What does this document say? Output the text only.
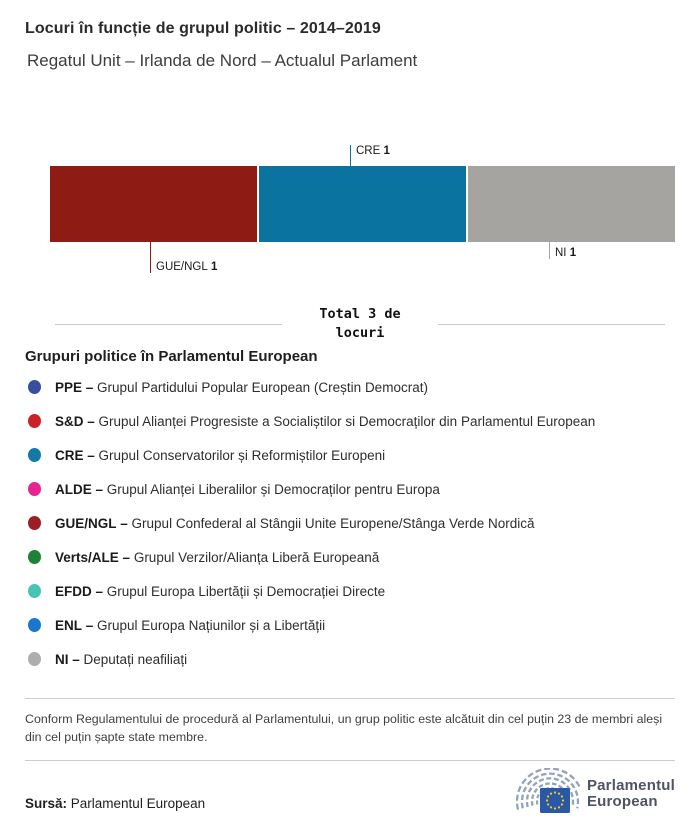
Locuri în funcție de grupul politic – 2014–2019
Regatul Unit – Irlanda de Nord – Actualul Parlament
CRE 1
GUE/NGL 1
NI 1
Total 3 de locuri
Grupuri politice în Parlamentul European
PPE – Grupul Partidului Popular European (Creștin Democrat)
S&D – Grupul Alianței Progresiste a Socialiștilor si Democraților din Parlamentul European
CRE – Grupul Conservatorilor și Reformiștilor Europeni
ALDE – Grupul Alianței Liberalilor și Democraților pentru Europa
GUE/NGL – Grupul Confederal al Stângii Unite Europene/Stânga Verde Nordică
Verts/ALE – Grupul Verzilor/Alianța Liberă Europeană
EFDD – Grupul Europa Libertății și Democrației Directe
ENL – Grupul Europa Națiunilor și a Libertății
NI – Deputați neafiliați

Conform Regulamentului de procedură al Parlamentului, un grup politic este alcătuit din cel puțin 23 de membri aleși din cel puțin șapte state membre.

Sursă: Parlamentul European

Parlamentul
European
